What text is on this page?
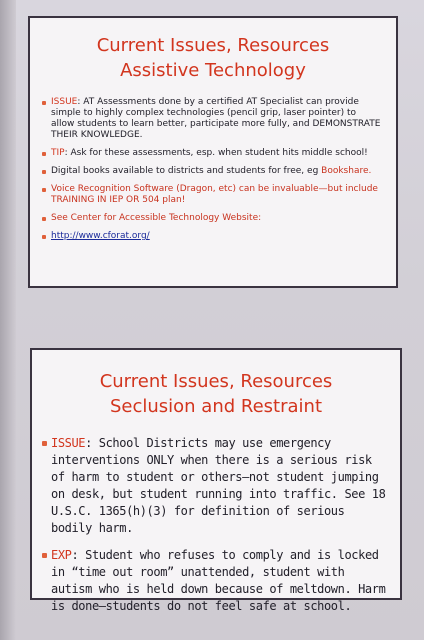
Current Issues, Resources
Assistive Technology
ISSUE: AT Assessments done by a certified AT Specialist can provide simple to highly complex technologies (pencil grip, laser pointer) to allow students to learn better, participate more fully, and DEMONSTRATE THEIR KNOWLEDGE.
TIP: Ask for these assessments, esp. when student hits middle school!
Digital books available to districts and students for free, eg Bookshare.
Voice Recognition Software (Dragon, etc) can be invaluable—but include TRAINING IN IEP OR 504 plan!
See Center for Accessible Technology Website:
http://www.cforat.org/
Current Issues, Resources
Seclusion and Restraint
ISSUE: School Districts may use emergency interventions ONLY when there is a serious risk of harm to student or others—not student jumping on desk, but student running into traffic. See 18 U.S.C. 1365(h)(3) for definition of serious bodily harm.
EXP: Student who refuses to comply and is locked in “time out room” unattended, student with autism who is held down because of meltdown. Harm is done—students do not feel safe at school.
